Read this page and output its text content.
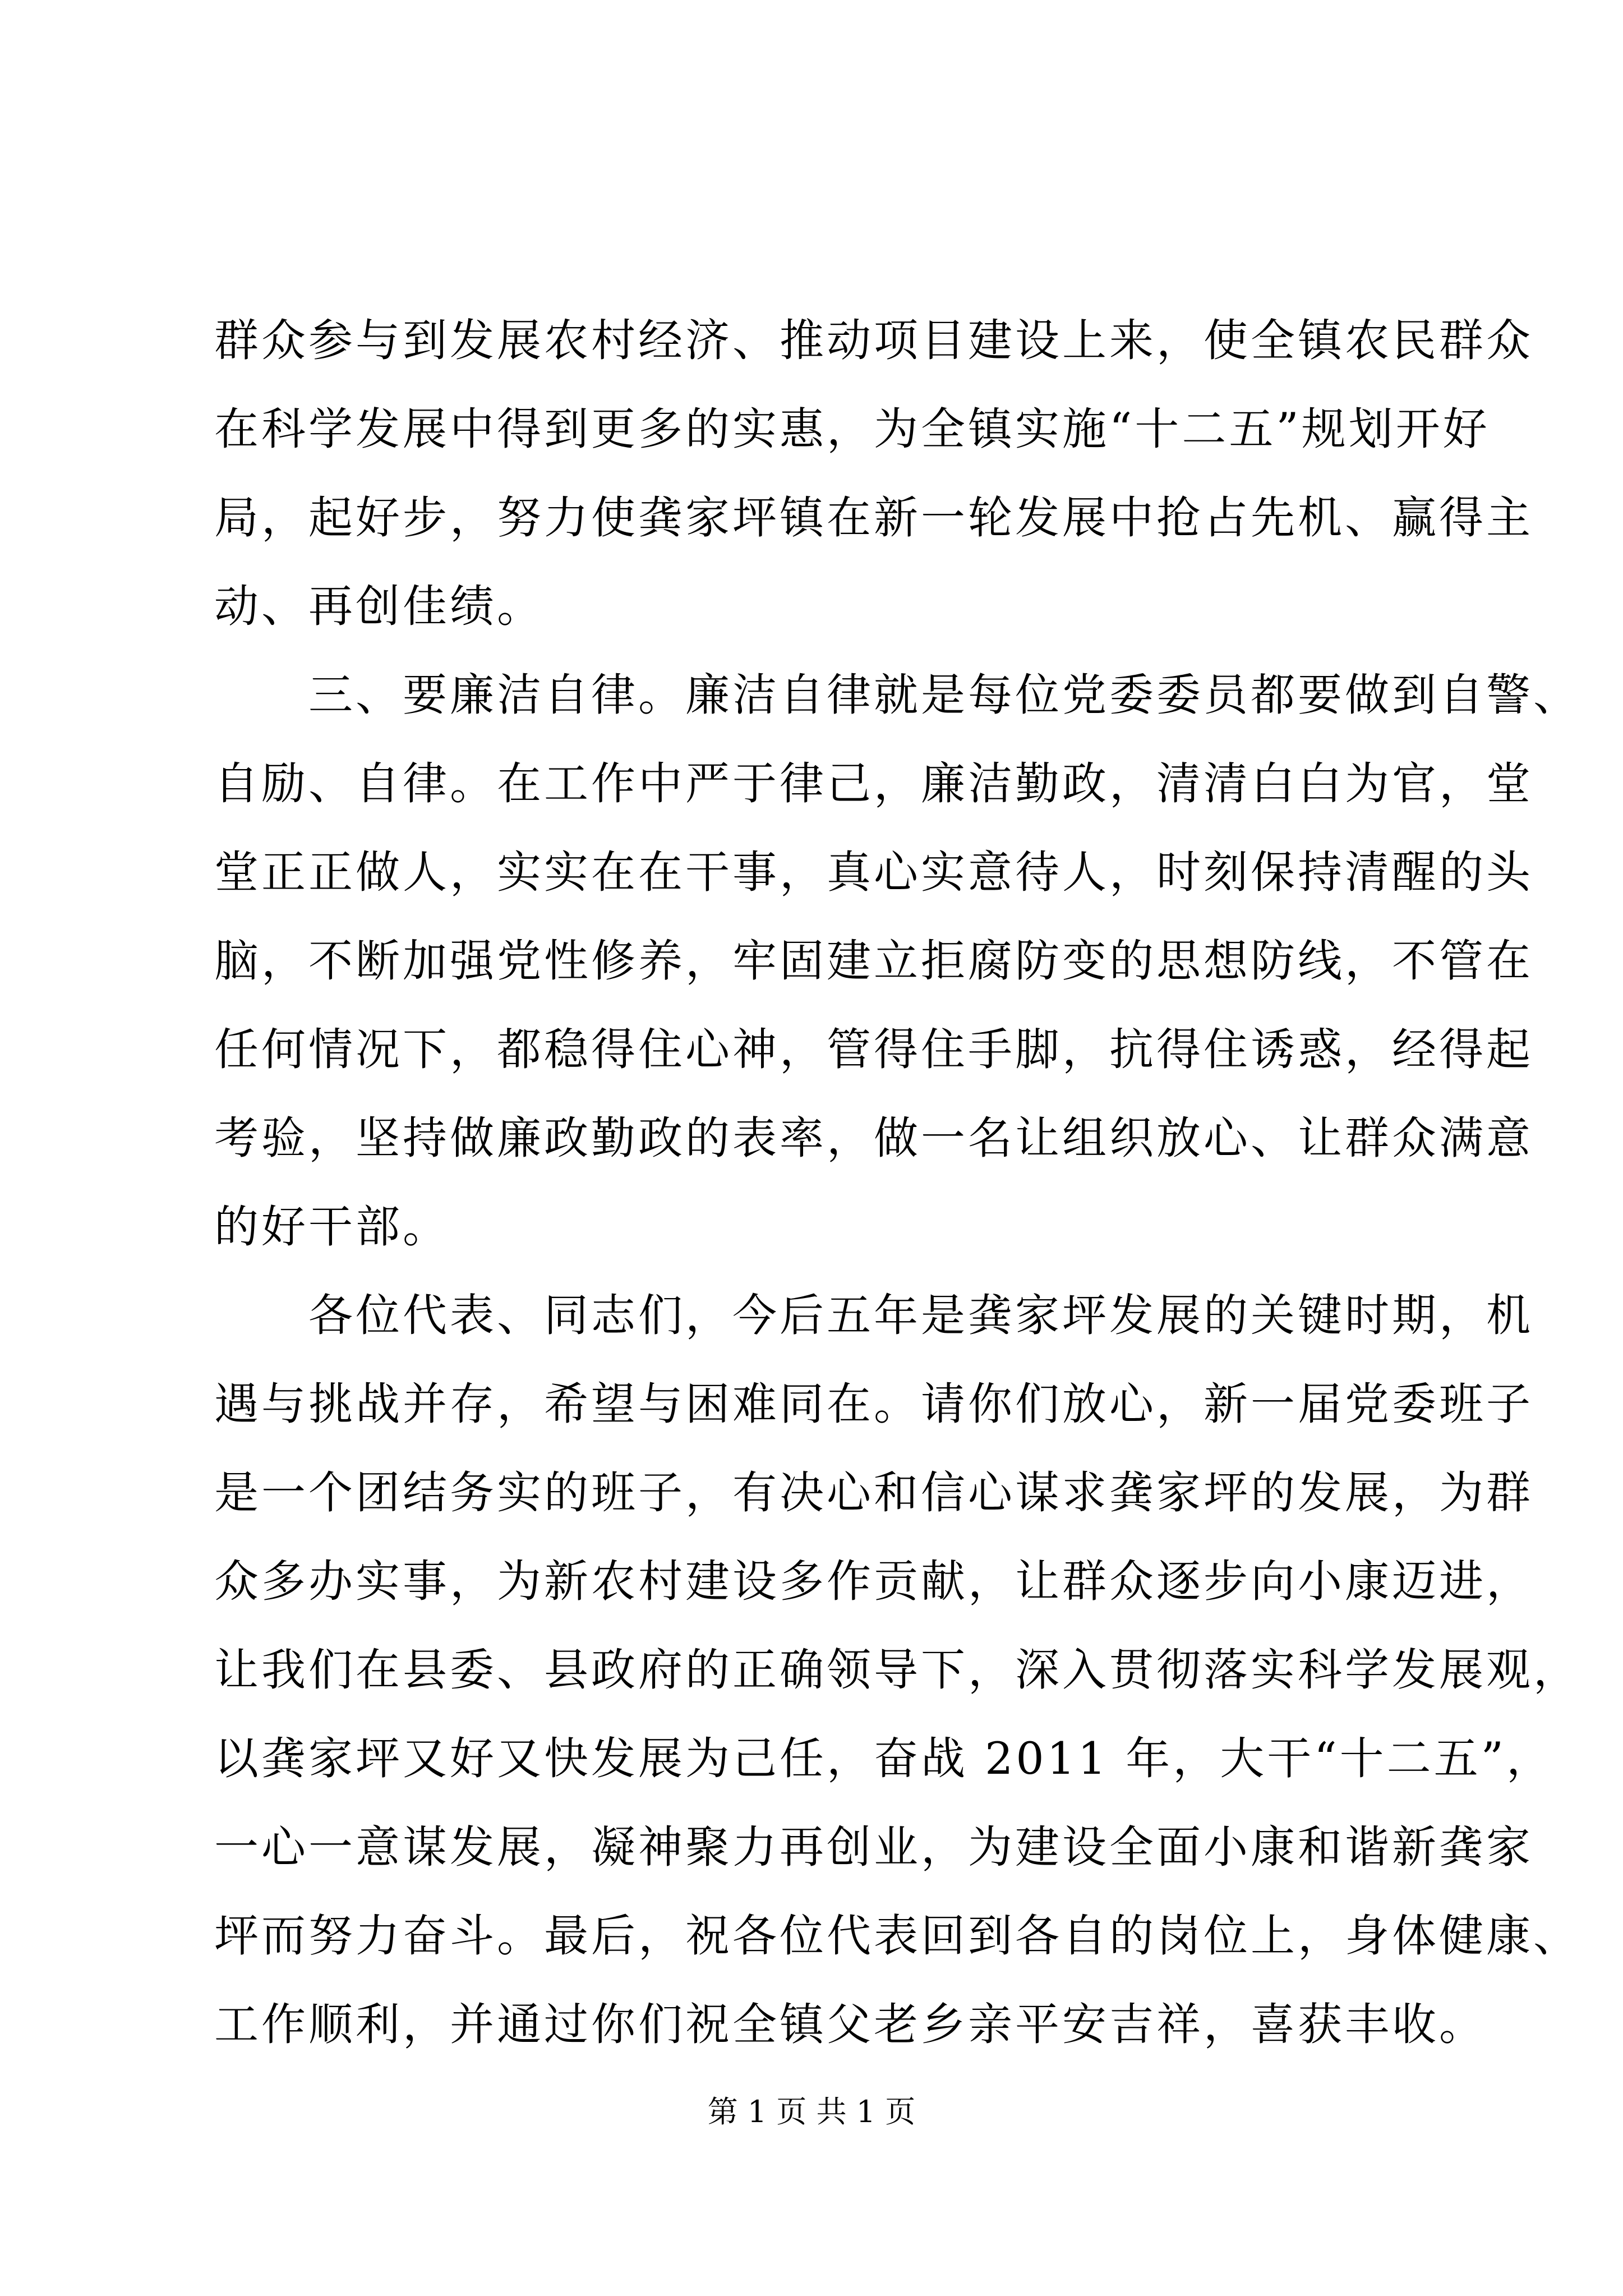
群众参与到发展农村经济、推动项目建设上来，使全镇农民群众
在科学发展中得到更多的实惠，为全镇实施“十二五”规划开好
局，起好步，努力使龚家坪镇在新一轮发展中抢占先机、赢得主
动、再创佳绩。
　　三、要廉洁自律。廉洁自律就是每位党委委员都要做到自警、
自励、自律。在工作中严于律己，廉洁勤政，清清白白为官，堂
堂正正做人，实实在在干事，真心实意待人，时刻保持清醒的头
脑，不断加强党性修养，牢固建立拒腐防变的思想防线，不管在
任何情况下，都稳得住心神，管得住手脚，抗得住诱惑，经得起
考验，坚持做廉政勤政的表率，做一名让组织放心、让群众满意
的好干部。
　　各位代表、同志们，今后五年是龚家坪发展的关键时期，机
遇与挑战并存，希望与困难同在。请你们放心，新一届党委班子
是一个团结务实的班子，有决心和信心谋求龚家坪的发展，为群
众多办实事，为新农村建设多作贡献，让群众逐步向小康迈进，
让我们在县委、县政府的正确领导下，深入贯彻落实科学发展观，
以龚家坪又好又快发展为己任，奋战 2011 年，大干“十二五”，
一心一意谋发展，凝神聚力再创业，为建设全面小康和谐新龚家
坪而努力奋斗。最后，祝各位代表回到各自的岗位上，身体健康、
工作顺利，并通过你们祝全镇父老乡亲平安吉祥，喜获丰收。
第 1 页 共 1 页
